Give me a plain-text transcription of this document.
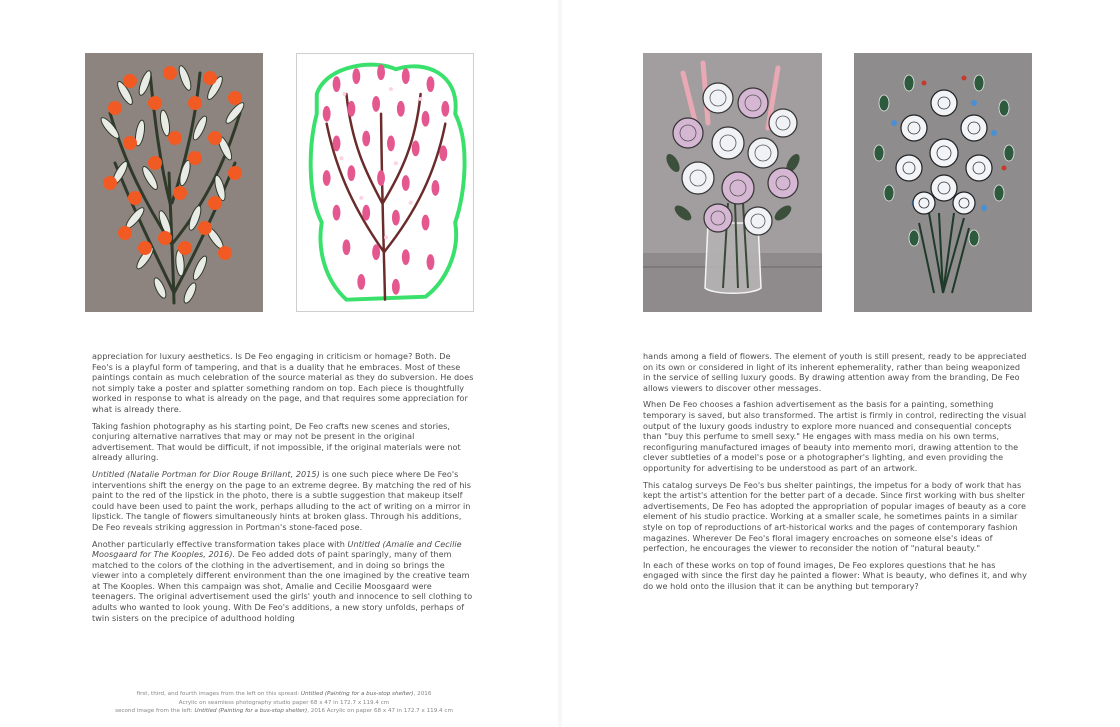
appreciation for luxury aesthetics. Is De Feo engaging in criticism or homage? Both. De Feo's is a playful form of tampering, and that is a duality that he embraces. Most of these paintings contain as much celebration of the source material as they do subversion. He does not simply take a poster and splatter something random on top. Each piece is thoughtfully worked in response to what is already on the page, and that requires some appreciation for what is already there.

Taking fashion photography as his starting point, De Feo crafts new scenes and stories, conjuring alternative narratives that may or may not be present in the original advertisement. That would be difficult, if not impossible, if the original materials were not already alluring.

Untitled (Natalie Portman for Dior Rouge Brillant, 2015) is one such piece where De Feo's interventions shift the energy on the page to an extreme degree. By matching the red of his paint to the red of the lipstick in the photo, there is a subtle suggestion that makeup itself could have been used to paint the work, perhaps alluding to the act of writing on a mirror in lipstick. The tangle of flowers simultaneously hints at broken glass. Through his additions, De Feo reveals striking aggression in Portman's stone-faced pose.

Another particularly effective transformation takes place with Untitled (Amalie and Cecilie Moosgaard for The Kooples, 2016). De Feo added dots of paint sparingly, many of them matched to the colors of the clothing in the advertisement, and in doing so brings the viewer into a completely different environment than the one imagined by the creative team at The Kooples. When this campaign was shot, Amalie and Cecilie Moosgaard were teenagers. The original advertisement used the girls' youth and innocence to sell clothing to adults who wanted to look young. With De Feo's additions, a new story unfolds, perhaps of twin sisters on the precipice of adulthood holding

hands among a field of flowers. The element of youth is still present, ready to be appreciated on its own or considered in light of its inherent ephemerality, rather than being weaponized in the service of selling luxury goods. By drawing attention away from the branding, De Feo allows viewers to discover other messages.

When De Feo chooses a fashion advertisement as the basis for a painting, something temporary is saved, but also transformed. The artist is firmly in control, redirecting the visual output of the luxury goods industry to explore more nuanced and consequential concepts than "buy this perfume to smell sexy." He engages with mass media on his own terms, reconfiguring manufactured images of beauty into memento mori, drawing attention to the clever subtleties of a model's pose or a photographer's lighting, and even providing the opportunity for advertising to be understood as part of an artwork.

This catalog surveys De Feo's bus shelter paintings, the impetus for a body of work that has kept the artist's attention for the better part of a decade. Since first working with bus shelter advertisements, De Feo has adopted the appropriation of popular images of beauty as a core element of his studio practice. Working at a smaller scale, he sometimes paints in a similar style on top of reproductions of art-historical works and the pages of contemporary fashion magazines. Wherever De Feo's floral imagery encroaches on someone else's ideas of perfection, he encourages the viewer to reconsider the notion of "natural beauty."

In each of these works on top of found images, De Feo explores questions that he has engaged with since the first day he painted a flower: What is beauty, who defines it, and why do we hold onto the illusion that it can be anything but temporary?

first, third, and fourth images from the left on this spread: Untitled (Painting for a bus-stop shelter), 2016
Acrylic on seamless photography studio paper 68 x 47 in 172.7 x 119.4 cm
second image from the left: Untitled (Painting for a bus-stop shelter), 2016 Acrylic on paper 68 x 47 in 172.7 x 119.4 cm
